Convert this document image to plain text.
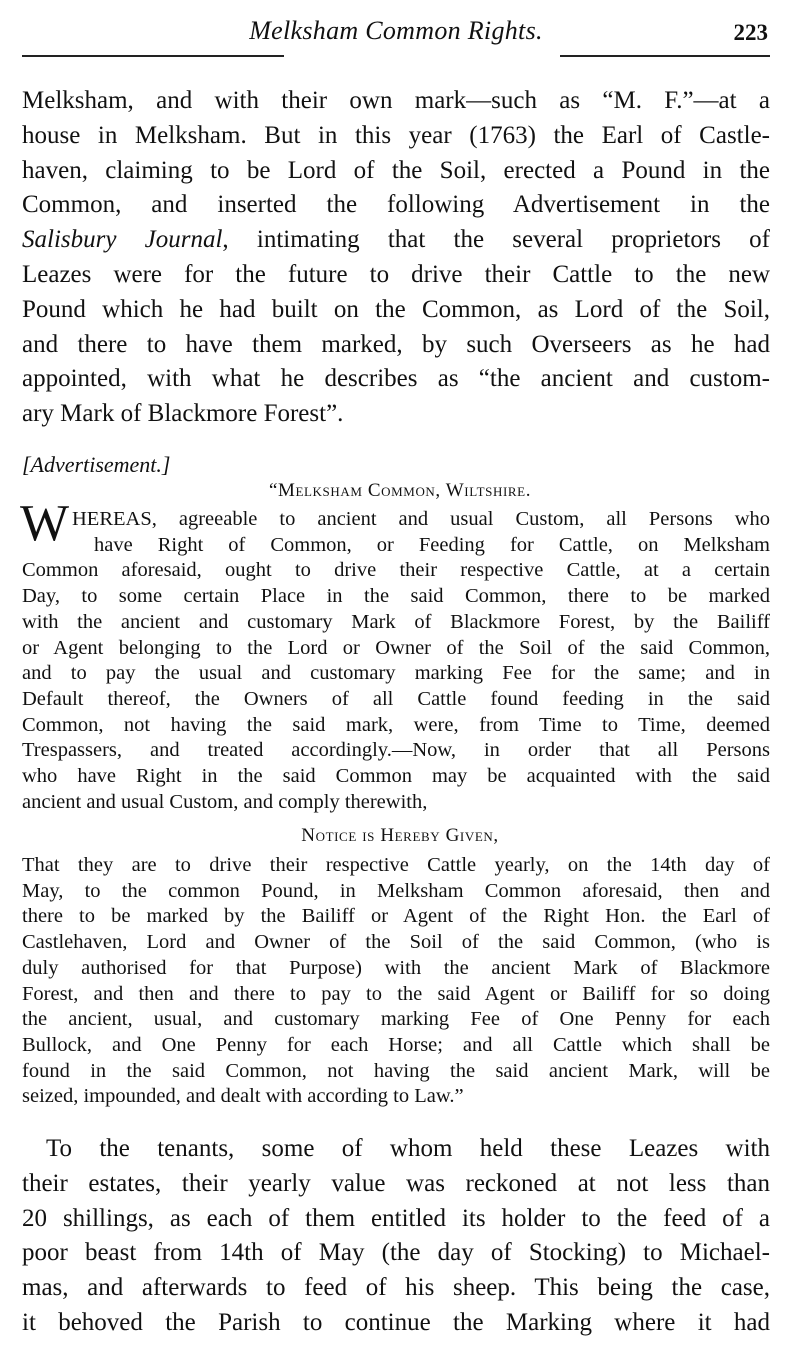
Melksham Common Rights.	223
Melksham, and with their own mark—such as “M. F.”—at a
house in Melksham. But in this year (1763) the Earl of Castle-
haven, claiming to be Lord of the Soil, erected a Pound in the
Common, and inserted the following Advertisement in the
Salisbury Journal, intimating that the several proprietors of
Leazes were for the future to drive their Cattle to the new
Pound which he had built on the Common, as Lord of the Soil,
and there to have them marked, by such Overseers as he had
appointed, with what he describes as “the ancient and custom-
ary Mark of Blackmore Forest”.
[Advertisement.]
“Melksham Common, Wiltshire.
W HEREAS, agreeable to ancient and usual Custom, all Persons who
have Right of Common, or Feeding for Cattle, on Melksham
Common aforesaid, ought to drive their respective Cattle, at a certain
Day, to some certain Place in the said Common, there to be marked
with the ancient and customary Mark of Blackmore Forest, by the Bailiff
or Agent belonging to the Lord or Owner of the Soil of the said Common,
and to pay the usual and customary marking Fee for the same; and in
Default thereof, the Owners of all Cattle found feeding in the said
Common, not having the said mark, were, from Time to Time, deemed
Trespassers, and treated accordingly.—Now, in order that all Persons
who have Right in the said Common may be acquainted with the said
ancient and usual Custom, and comply therewith,
Notice is Hereby Given,
That they are to drive their respective Cattle yearly, on the 14th day of
May, to the common Pound, in Melksham Common aforesaid, then and
there to be marked by the Bailiff or Agent of the Right Hon. the Earl of
Castlehaven, Lord and Owner of the Soil of the said Common, (who is
duly authorised for that Purpose) with the ancient Mark of Blackmore
Forest, and then and there to pay to the said Agent or Bailiff for so doing
the ancient, usual, and customary marking Fee of One Penny for each
Bullock, and One Penny for each Horse; and all Cattle which shall be
found in the said Common, not having the said ancient Mark, will be
seized, impounded, and dealt with according to Law.”
To the tenants, some of whom held these Leazes with
their estates, their yearly value was reckoned at not less than
20 shillings, as each of them entitled its holder to the feed of a
poor beast from 14th of May (the day of Stocking) to Michael-
mas, and afterwards to feed of his sheep. This being the case,
it behoved the Parish to continue the Marking where it had
